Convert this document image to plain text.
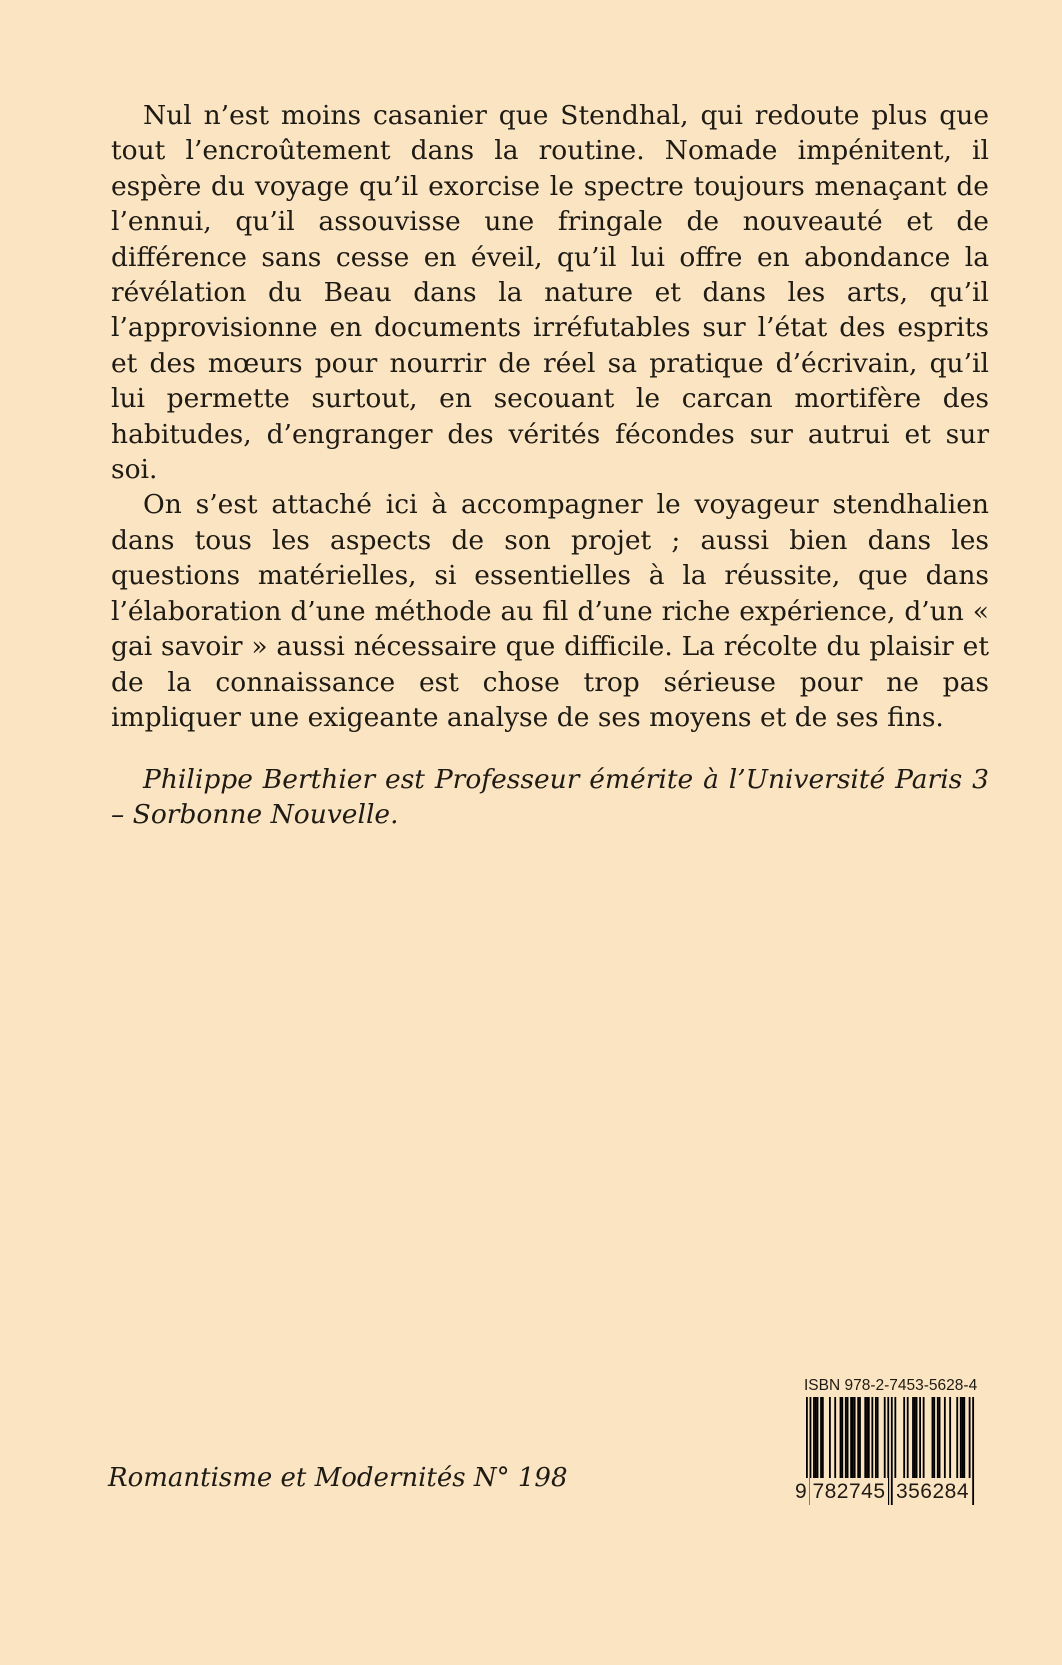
Nul n’est moins casanier que Stendhal, qui redoute plus que tout l’encroûtement dans la routine. Nomade impénitent, il espère du voyage qu’il exorcise le spectre toujours menaçant de l’ennui, qu’il assouvisse une fringale de nouveauté et de différence sans cesse en éveil, qu’il lui offre en abondance la révélation du Beau dans la nature et dans les arts, qu’il l’approvisionne en documents irréfutables sur l’état des esprits et des mœurs pour nourrir de réel sa pratique d’écrivain, qu’il lui permette surtout, en secouant le carcan mortifère des habitudes, d’engranger des vérités fécondes sur autrui et sur soi.

On s’est attaché ici à accompagner le voyageur stendhalien dans tous les aspects de son projet ; aussi bien dans les questions matérielles, si essentielles à la réussite, que dans l’élaboration d’une méthode au fil d’une riche expérience, d’un « gai savoir » aussi nécessaire que difficile. La récolte du plaisir et de la connaissance est chose trop sérieuse pour ne pas impliquer une exigeante analyse de ses moyens et de ses fins.

Philippe Berthier est Professeur émérite à l’Université Paris 3 – Sorbonne Nouvelle.

Romantisme et Modernités N° 198

ISBN 978-2-7453-5628-4
9 782745 356284
